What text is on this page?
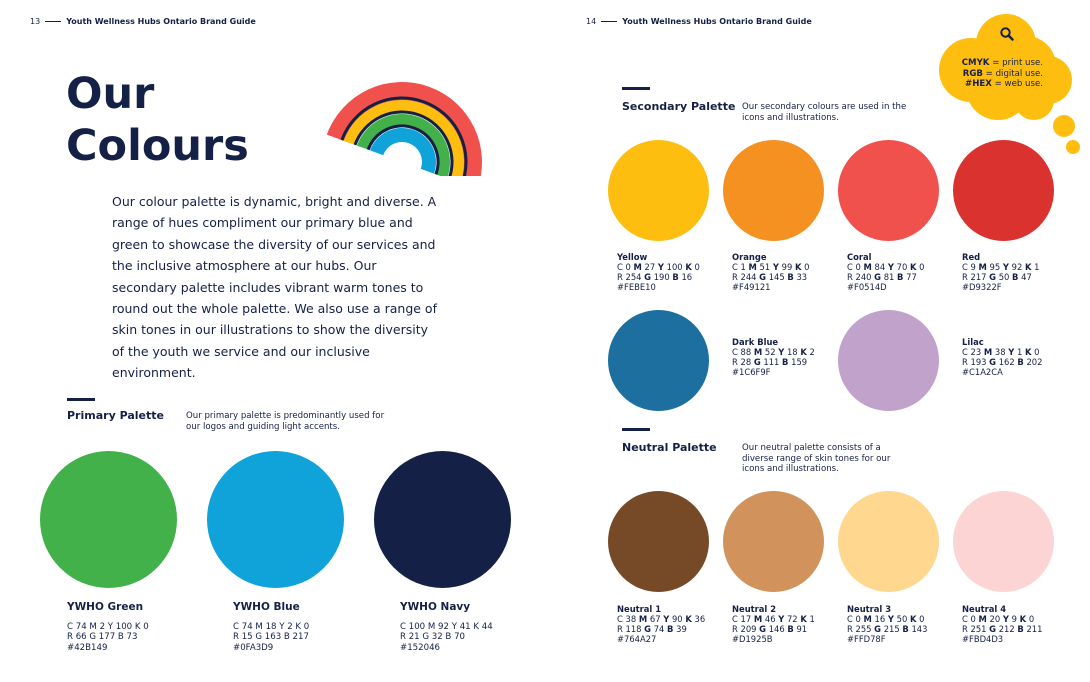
13	Youth Wellness Hubs Ontario Brand Guide
Our
Colours
Our colour palette is dynamic, bright and diverse. A range of hues compliment our primary blue and green to showcase the diversity of our services and the inclusive atmosphere at our hubs. Our secondary palette includes vibrant warm tones to round out the whole palette. We also use a range of skin tones in our illustrations to show the diversity of the youth we service and our inclusive environment.
Primary Palette	Our primary palette is predominantly used for our logos and guiding light accents.
YWHO Green
C 74 M 2 Y 100 K 0
R 66 G 177 B 73
#42B149
YWHO Blue
C 74 M 18 Y 2 K 0
R 15 G 163 B 217
#0FA3D9
YWHO Navy
C 100 M 92 Y 41 K 44
R 21 G 32 B 70
#152046
14	Youth Wellness Hubs Ontario Brand Guide
CMYK = print use.
RGB = digital use.
#HEX = web use.
Secondary Palette Our secondary colours are used in the icons and illustrations.
Yellow
C 0 M 27 Y 100 K 0
R 254 G 190 B 16
#FEBE10
Orange
C 1 M 51 Y 99 K 0
R 244 G 145 B 33
#F49121
Coral
C 0 M 84 Y 70 K 0
R 240 G 81 B 77
#F0514D
Red
C 9 M 95 Y 92 K 1
R 217 G 50 B 47
#D9322F
Dark Blue
C 88 M 52 Y 18 K 2
R 28 G 111 B 159
#1C6F9F
Lilac
C 23 M 38 Y 1 K 0
R 193 G 162 B 202
#C1A2CA
Neutral Palette	Our neutral palette consists of a diverse range of skin tones for our icons and illustrations.
Neutral 1
C 38 M 67 Y 90 K 36
R 118 G 74 B 39
#764A27
Neutral 2
C 17 M 46 Y 72 K 1
R 209 G 146 B 91
#D1925B
Neutral 3
C 0 M 16 Y 50 K 0
R 255 G 215 B 143
#FFD78F
Neutral 4
C 0 M 20 Y 9 K 0
R 251 G 212 B 211
#FBD4D3
